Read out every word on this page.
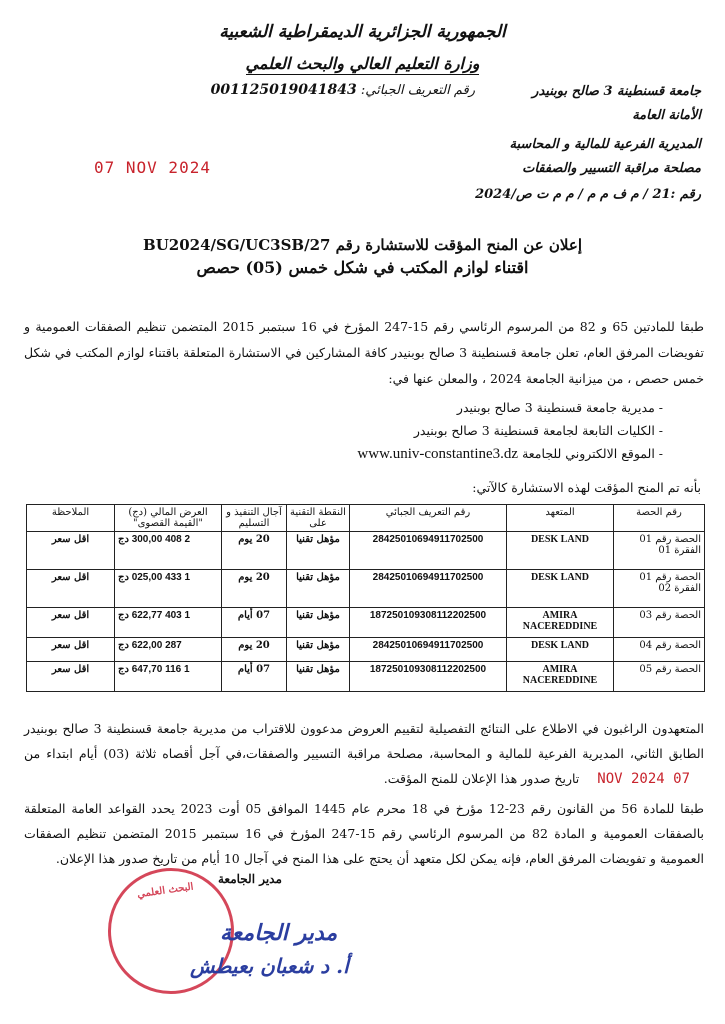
الجمهورية الجزائرية الديمقراطية الشعبية
وزارة التعليم العالي والبحث العلمي
جامعة قسنطينة 3 صالح بوبنيدر
الأمانة العامة
المديرية الفرعية للمالية و المحاسبة
مصلحة مراقبة التسيير والصفقات
رقم :21 / م ف م م / م م ت ص/2024
رقم التعريف الجبائي: 001125019041843
07 NOV 2024
إعلان عن المنح المؤقت للاستشارة رقم BU2024/SG/UC3SB/27
اقتناء لوازم المكتب في شكل خمس (05) حصص
طبقا للمادتين 65 و 82 من المرسوم الرئاسي رقم 15-247 المؤرخ في 16 سبتمبر 2015 المتضمن تنظيم الصفقات العمومية و تفويضات المرفق العام، تعلن جامعة قسنطينة 3 صالح بوبنيدر كافة المشاركين في الاستشارة المتعلقة باقتناء لوازم المكتب في شكل خمس حصص ، من ميزانية الجامعة 2024 ، والمعلن عنها في:
- مديرية جامعة قسنطينة 3 صالح بوبنيدر
- الكليات التابعة لجامعة قسنطينة 3 صالح بوبنيدر
- الموقع الالكتروني للجامعة www.univ-constantine3.dz
بأنه تم المنح المؤقت لهذه الاستشارة كالآتي:
رقم الحصة	المتعهد	رقم التعريف الجبائي	النقطة التقنية على	آجال التنفيذ و التسليم	العرض المالي (دج) "القيمة القصوى"	الملاحظة
الحصة رقم 01 الفقرة 01	DESK LAND	28425010694911702500	مؤهل تقنيا	20 يوم	2 408 300,00 دج	اقل سعر
الحصة رقم 01 الفقرة 02	DESK LAND	28425010694911702500	مؤهل تقنيا	20 يوم	1 433 025,00 دج	اقل سعر
الحصة رقم 03	AMIRA NACEREDDINE	187250109308112202500	مؤهل تقنيا	07 أيام	1 403 622,77 دج	اقل سعر
الحصة رقم 04	DESK LAND	28425010694911702500	مؤهل تقنيا	20 يوم	287 622,00 دج	اقل سعر
الحصة رقم 05	AMIRA NACEREDDINE	187250109308112202500	مؤهل تقنيا	07 أيام	1 116 647,70 دج	اقل سعر
المتعهدون الراغبون في الاطلاع على النتائج التفصيلية لتقييم العروض مدعوون للاقتراب من مديرية جامعة قسنطينة 3 صالح بوبنيدر الطابق الثاني، المديرية الفرعية للمالية و المحاسبة، مصلحة مراقبة التسيير والصفقات،في آجل أقصاه ثلاثة (03) أيام ابتداء من 07 NOV 2024 تاريخ صدور هذا الإعلان للمنح المؤقت.
طبقا للمادة 56 من القانون رقم 23-12 مؤرخ في 18 محرم عام 1445 الموافق 05 أوت 2023 يحدد القواعد العامة المتعلقة بالصفقات العمومية و المادة 82 من المرسوم الرئاسي رقم 15-247 المؤرخ في 16 سبتمبر 2015 المتضمن تنظيم الصفقات العمومية و تفويضات المرفق العام، فإنه يمكن لكل متعهد أن يحتج على هذا المنح في آجال 10 أيام من تاريخ صدور هذا الإعلان.
البحث العلمي
مدير الجامعة
مدير الجامعة
أ. د شعبان بعيطش
